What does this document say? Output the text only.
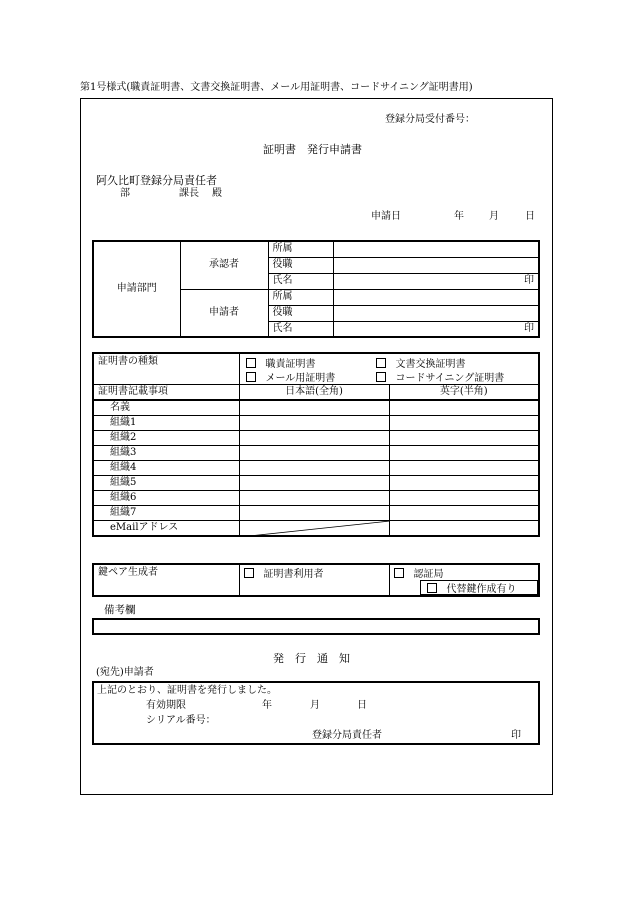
第1号様式(職責証明書、文書交換証明書、メール用証明書、コードサイニング証明書用)
登録分局受付番号：
証明書　発行申請書
阿久比町登録分局責任者
部	課長 殿
申請日	年	月	日
申請部門	承認者	所属	
		役職	
		氏名	印
	申請者	所属	
		役職	
		氏名	印
証明書の種類	職責証明書 文書交換証明書
メール用証明書 コードサイニング証明書	

証明書記載事項	日本語(全角)	英字(半角)
名義		
組織1		
組織2		
組織3		
組織4		
組織5		
組織6		
組織7		
eMailアドレス	

鍵ペア生成者	証明書利用者	認証局
代替鍵作成有り
備考欄
発　行　通　知
(宛先)申請者
上記のとおり、証明書を発行しました。
有効期限	年	月	日
シリアル番号：
登録分局責任者	印
